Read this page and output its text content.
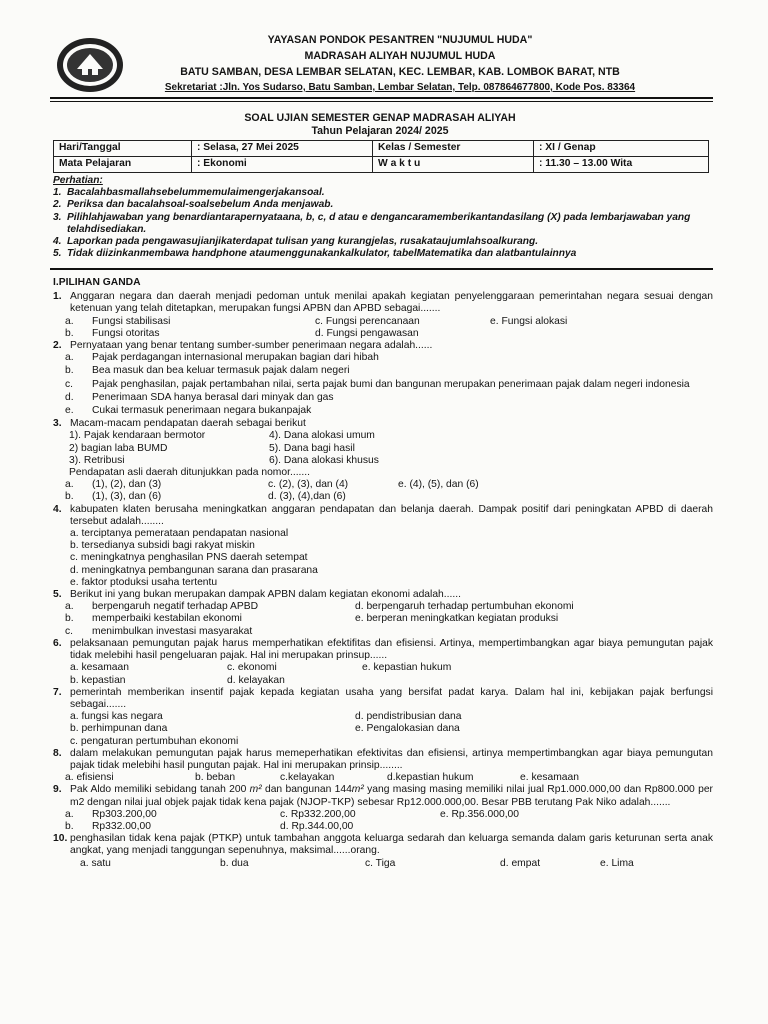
YAYASAN PONDOK PESANTREN "NUJUMUL HUDA"
MADRASAH ALIYAH NUJUMUL HUDA
BATU SAMBAN, DESA LEMBAR SELATAN, KEC. LEMBAR, KAB. LOMBOK BARAT, NTB
Sekretariat :Jln. Yos Sudarso, Batu Samban, Lembar Selatan, Telp. 087864677800, Kode Pos. 83364
SOAL UJIAN SEMESTER GENAP MADRASAH ALIYAH
Tahun Pelajaran 2024/ 2025
Hari/Tanggal	: Selasa, 27 Mei 2025	Kelas / Semester	: XI / Genap
Mata Pelajaran	: Ekonomi	W a k t u	: 11.30 – 13.00 Wita
Perhatian:
1. Bacalahbasmallahsebelummemulaimengerjakansoal.
2. Periksa dan bacalahsoal-soalsebelum Anda menjawab.
3. Pilihlahjawaban yang benardiantarapernyataana, b, c, d atau e dengancaramemberikantandasilang (X) pada lembarjawaban yang telahdisediakan.
4. Laporkan pada pengawasujianjikaterdapat tulisan yang kurangjelas, rusakataujumlahsoalkurang.
5. Tidak diizinkanmembawa handphone ataumenggunakankalkulator, tabelMatematika dan alatbantulainnya
I.PILIHAN GANDA
1. Anggaran negara dan daerah menjadi pedoman untuk menilai apakah kegiatan penyelenggaraan pemerintahan negara sesuai dengan ketenuan yang telah ditetapkan, merupakan fungsi APBN dan APBD sebagai.......
a.	Fungsi stabilisasi	c. Fungsi perencanaan	e. Fungsi alokasi
b.	Fungsi otoritas	d. Fungsi pengawasan
2. Pernyataan yang benar tentang sumber-sumber penerimaan negara adalah......
a.	Pajak perdagangan internasional merupakan bagian dari hibah
b.	Bea masuk dan bea keluar termasuk pajak dalam negeri
c.	Pajak penghasilan, pajak pertambahan nilai, serta pajak bumi dan bangunan merupakan penerimaan pajak dalam negeri indonesia
d.	Penerimaan SDA hanya berasal dari minyak dan gas
e.	Cukai termasuk penerimaan negara bukanpajak
3. Macam-macam pendapatan daerah sebagai berikut
1). Pajak kendaraan bermotor	4). Dana alokasi umum
2) bagian laba BUMD	5). Dana bagi hasil
3). Retribusi	6). Dana alokasi khusus
Pendapatan asli daerah ditunjukkan pada nomor.......
a.	(1), (2), dan (3)	c. (2), (3), dan (4)	e. (4), (5), dan (6)
b.	(1), (3), dan (6)	d. (3), (4),dan (6)
4. kabupaten klaten berusaha meningkatkan anggaran pendapatan dan belanja daerah. Dampak positif dari peningkatan APBD di daerah tersebut adalah........
a. terciptanya pemerataan pendapatan nasional
b. tersedianya subsidi bagi rakyat miskin
c. meningkatnya penghasilan PNS daerah setempat
d. meningkatnya pembangunan sarana dan prasarana
e. faktor ptoduksi usaha tertentu
5. Berikut ini yang bukan merupakan dampak APBN dalam kegiatan ekonomi adalah......
a.	berpengaruh negatif terhadap APBD	d. berpengaruh terhadap pertumbuhan ekonomi
b.	memperbaiki kestabilan ekonomi	e. berperan meningkatkan kegiatan produksi
c.	menimbulkan investasi masyarakat
6. pelaksanaan pemungutan pajak harus memperhatikan efektifitas dan efisiensi. Artinya, mempertimbangkan agar biaya pemungutan pajak tidak melebihi hasil pengeluaran pajak. Hal ini merupakan prinsup......
a. kesamaan	c. ekonomi	e. kepastian hukum
b. kepastian	d. kelayakan
7. pemerintah memberikan insentif pajak kepada kegiatan usaha yang bersifat padat karya. Dalam hal ini, kebijakan pajak berfungsi sebagai.......
a. fungsi kas negara	d. pendistribusian dana
b. perhimpunan dana	e. Pengalokasian dana
c. pengaturan pertumbuhan ekonomi
8. dalam melakukan pemungutan pajak harus memeperhatikan efektivitas dan efisiensi, artinya mempertimbangkan agar biaya pemungutan pajak tidak melebihi hasil pungutan pajak. Hal ini merupakan prinsip........
a. efisiensi	b. beban	c.kelayakan	d.kepastian hukum	e. kesamaan
9. Pak Aldo memiliki sebidang tanah 200 m² dan bangunan 144m² yang masing masing memiliki nilai jual Rp1.000.000,00 dan Rp800.000 per m2 dengan nilai jual objek pajak tidak kena pajak (NJOP-TKP) sebesar Rp12.000.000,00. Besar PBB terutang Pak Niko adalah.......
a.	Rp303.200,00	c. Rp332.200,00	e. Rp.356.000,00
b.	Rp332.00,00	d. Rp.344.00,00
10. penghasilan tidak kena pajak (PTKP) untuk tambahan anggota keluarga sedarah dan keluarga semanda dalam garis keturunan serta anak angkat, yang menjadi tanggungan sepenuhnya, maksimal......orang.
a. satu	b. dua	c. Tiga	d. empat	e. Lima
